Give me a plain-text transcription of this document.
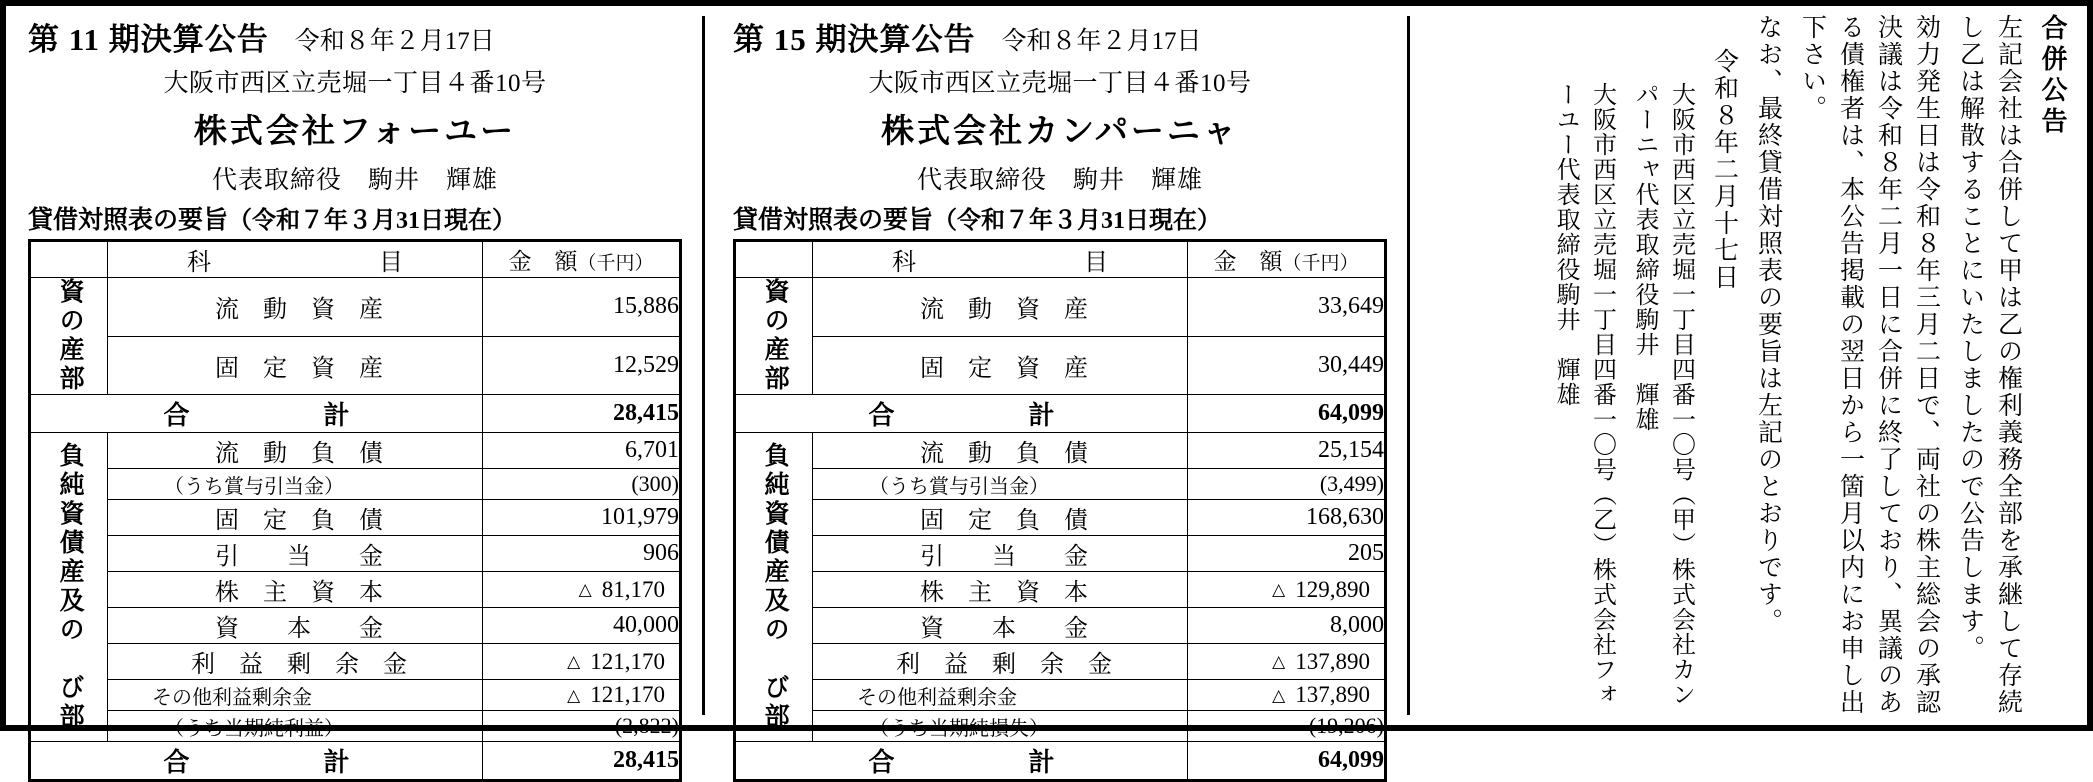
第 11 期決算公告 令和８年２月17日
大阪市西区立売堀一丁目４番10号
株式会社フォーユー
代表取締役　駒井　輝雄
貸借対照表の要旨（令和７年３月31日現在）
	科　　　　　　　目	金　額（千円）

資の産部	流　動　資　産	15,886

固　定　資　産	12,529

合　　　計		28,415

負純資債産及の　び部	流　動　負　債	6,701

	（うち賞与引当金）	(300)

固　定　負　債	101,979

引　　当　　金	906

株　主　資　本	△ 81,170

資　　本　　金	40,000

利　益　剰　余　金	△ 121,170

	その他利益剰余金	△ 121,170

	（うち当期純利益）	(2,822)

合　　　計		28,415
第 15 期決算公告 令和８年２月17日
大阪市西区立売堀一丁目４番10号
株式会社カンパーニャ
代表取締役　駒井　輝雄
貸借対照表の要旨（令和７年３月31日現在）
	科　　　　　　　目	金　額（千円）

資の産部	流　動　資　産	33,649

固　定　資　産	30,449

合　　　計		64,099

負純資債産及の　び部	流　動　負　債	25,154

	（うち賞与引当金）	(3,499)

固　定　負　債	168,630

引　　当　　金	205

株　主　資　本	△ 129,890

資　　本　　金	8,000

利　益　剰　余　金	△ 137,890

	その他利益剰余金	△ 137,890

	（うち当期純損失）	(19,206)

合　　　計		64,099
合併公告
左記会社は合併して甲は乙の権利義務全部を承継して存続し乙は解散することにいたしましたので公告します。
効力発生日は令和８年三月二日で、両社の株主総会の承認決議は令和８年二月一日に合併に終了しており、異議のある債権者は、本公告掲載の翌日から一箇月以内にお申し出下さい。
なお、最終貸借対照表の要旨は左記のとおりです。
令和８年二月十七日
大阪市西区立売堀一丁目四番一〇号（甲）株式会社カンパーニャ代表取締役駒井　輝雄
大阪市西区立売堀一丁目四番一〇号（乙）株式会社フォーユー代表取締役駒井　輝雄
